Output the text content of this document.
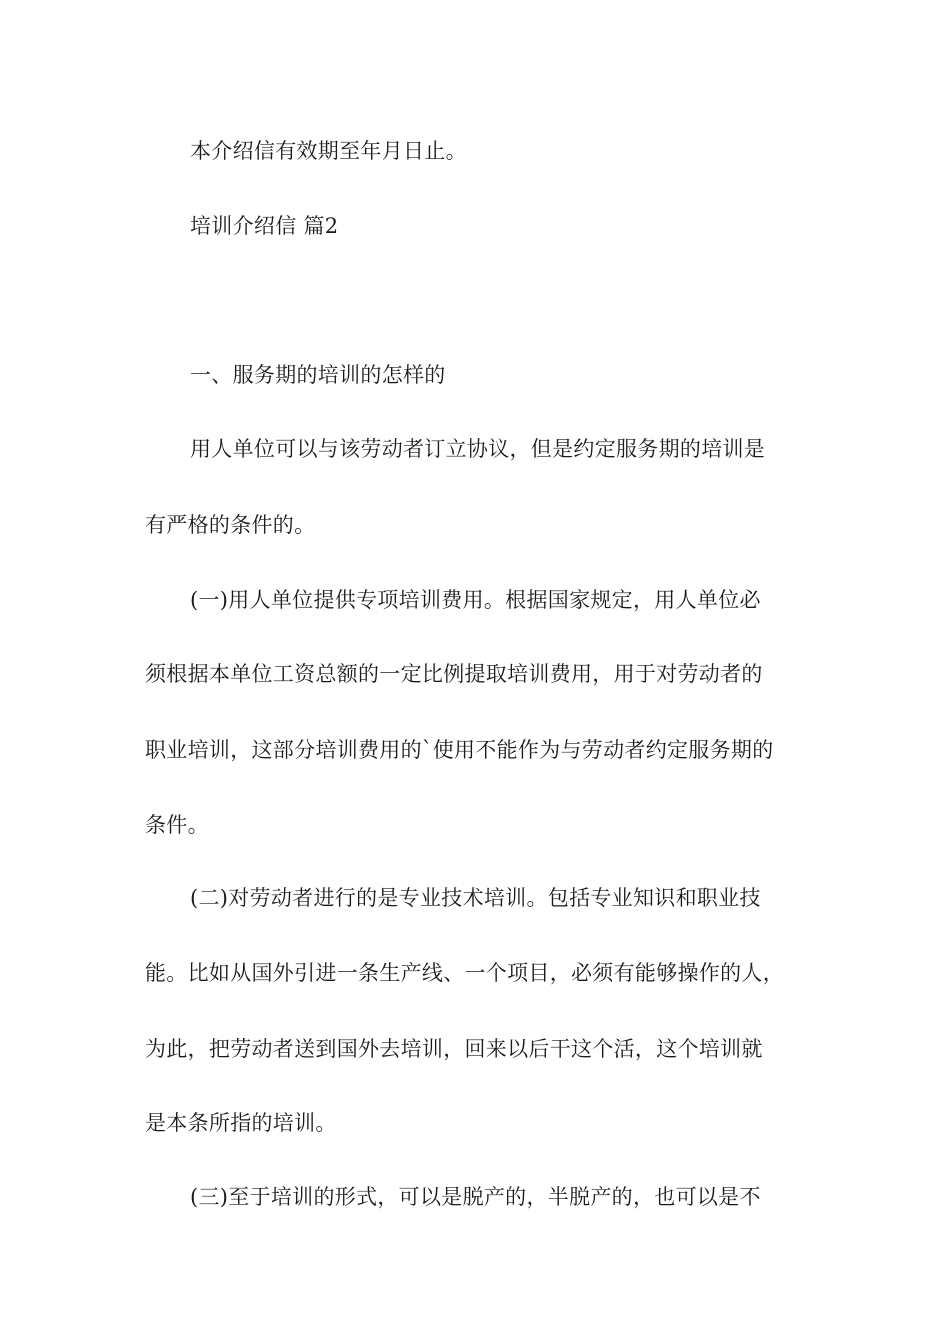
本介绍信有效期至年月日止。
培训介绍信 篇2
一、服务期的培训的怎样的
用人单位可以与该劳动者订立协议，但是约定服务期的培训是
有严格的条件的。
(一)用人单位提供专项培训费用。根据国家规定，用人单位必
须根据本单位工资总额的一定比例提取培训费用，用于对劳动者的
职业培训，这部分培训费用的`使用不能作为与劳动者约定服务期的
条件。
(二)对劳动者进行的是专业技术培训。包括专业知识和职业技
能。比如从国外引进一条生产线、一个项目，必须有能够操作的人，
为此，把劳动者送到国外去培训，回来以后干这个活，这个培训就
是本条所指的培训。
(三)至于培训的形式，可以是脱产的，半脱产的，也可以是不
